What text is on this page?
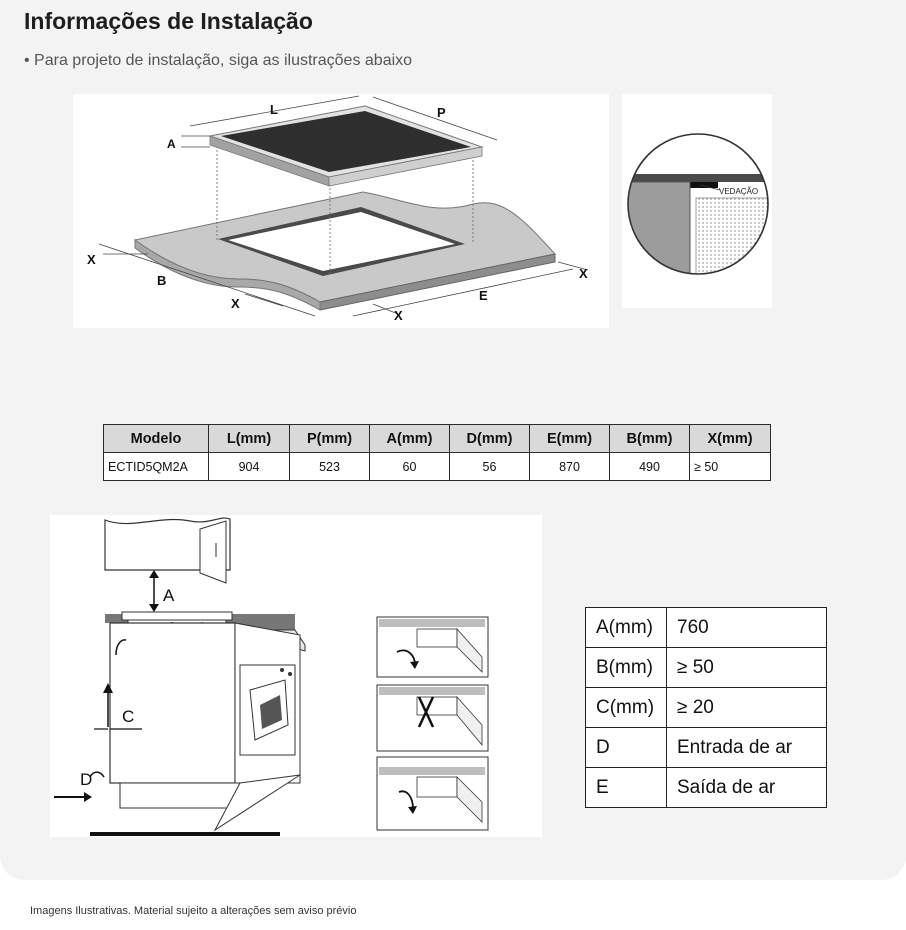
Informações de Instalação
• Para projeto de instalação, siga as ilustrações abaixo
L	P
A
X
B
X
X
E
X
VEDAÇÃO
Modelo	L(mm)	P(mm)	A(mm)	D(mm)	E(mm)	B(mm)	X(mm)
ECTID5QM2A	904	523	60	56	870	490	≥ 50
A
C
D
A(mm)	760
B(mm)	≥ 50
C(mm)	≥ 20
D	Entrada de ar
E	Saída de ar
Imagens Ilustrativas. Material sujeito a alterações sem aviso prévio
